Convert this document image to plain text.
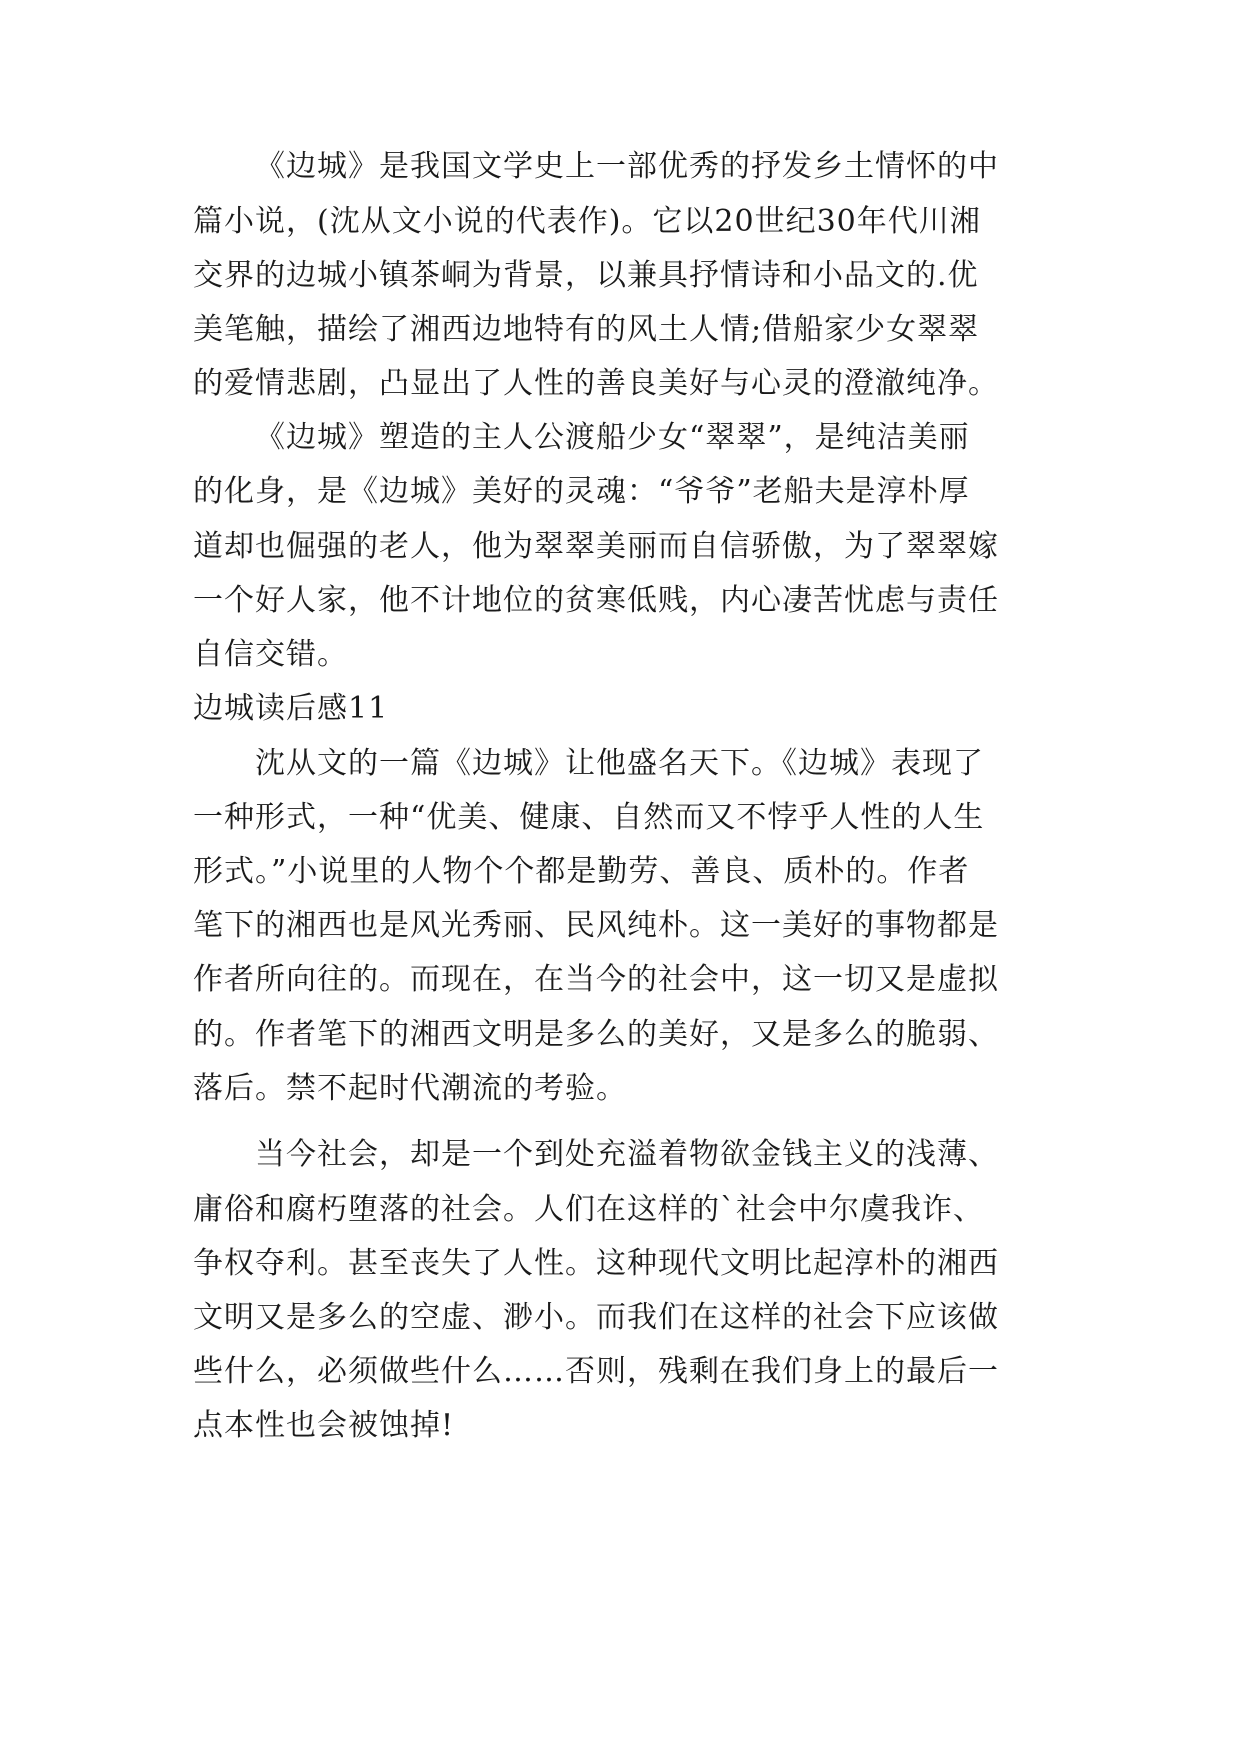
《边城》是我国文学史上一部优秀的抒发乡土情怀的中
篇小说，(沈从文小说的代表作)。它以20世纪30年代川湘
交界的边城小镇茶峒为背景，以兼具抒情诗和小品文的.优
美笔触，描绘了湘西边地特有的风土人情;借船家少女翠翠
的爱情悲剧，凸显出了人性的善良美好与心灵的澄澈纯净。
《边城》塑造的主人公渡船少女“翠翠”，是纯洁美丽
的化身，是《边城》美好的灵魂：“爷爷”老船夫是淳朴厚
道却也倔强的老人，他为翠翠美丽而自信骄傲，为了翠翠嫁
一个好人家，他不计地位的贫寒低贱，内心凄苦忧虑与责任
自信交错。
边城读后感11
沈从文的一篇《边城》让他盛名天下。《边城》表现了
一种形式，一种“优美、健康、自然而又不悖乎人性的人生
形式。”小说里的人物个个都是勤劳、善良、质朴的。作者
笔下的湘西也是风光秀丽、民风纯朴。这一美好的事物都是
作者所向往的。而现在，在当今的社会中，这一切又是虚拟
的。作者笔下的湘西文明是多么的美好，又是多么的脆弱、
落后。禁不起时代潮流的考验。
当今社会，却是一个到处充溢着物欲金钱主义的浅薄、
庸俗和腐朽堕落的社会。人们在这样的`社会中尔虞我诈、
争权夺利。甚至丧失了人性。这种现代文明比起淳朴的湘西
文明又是多么的空虚、渺小。而我们在这样的社会下应该做
些什么，必须做些什么……否则，残剩在我们身上的最后一
点本性也会被蚀掉!
